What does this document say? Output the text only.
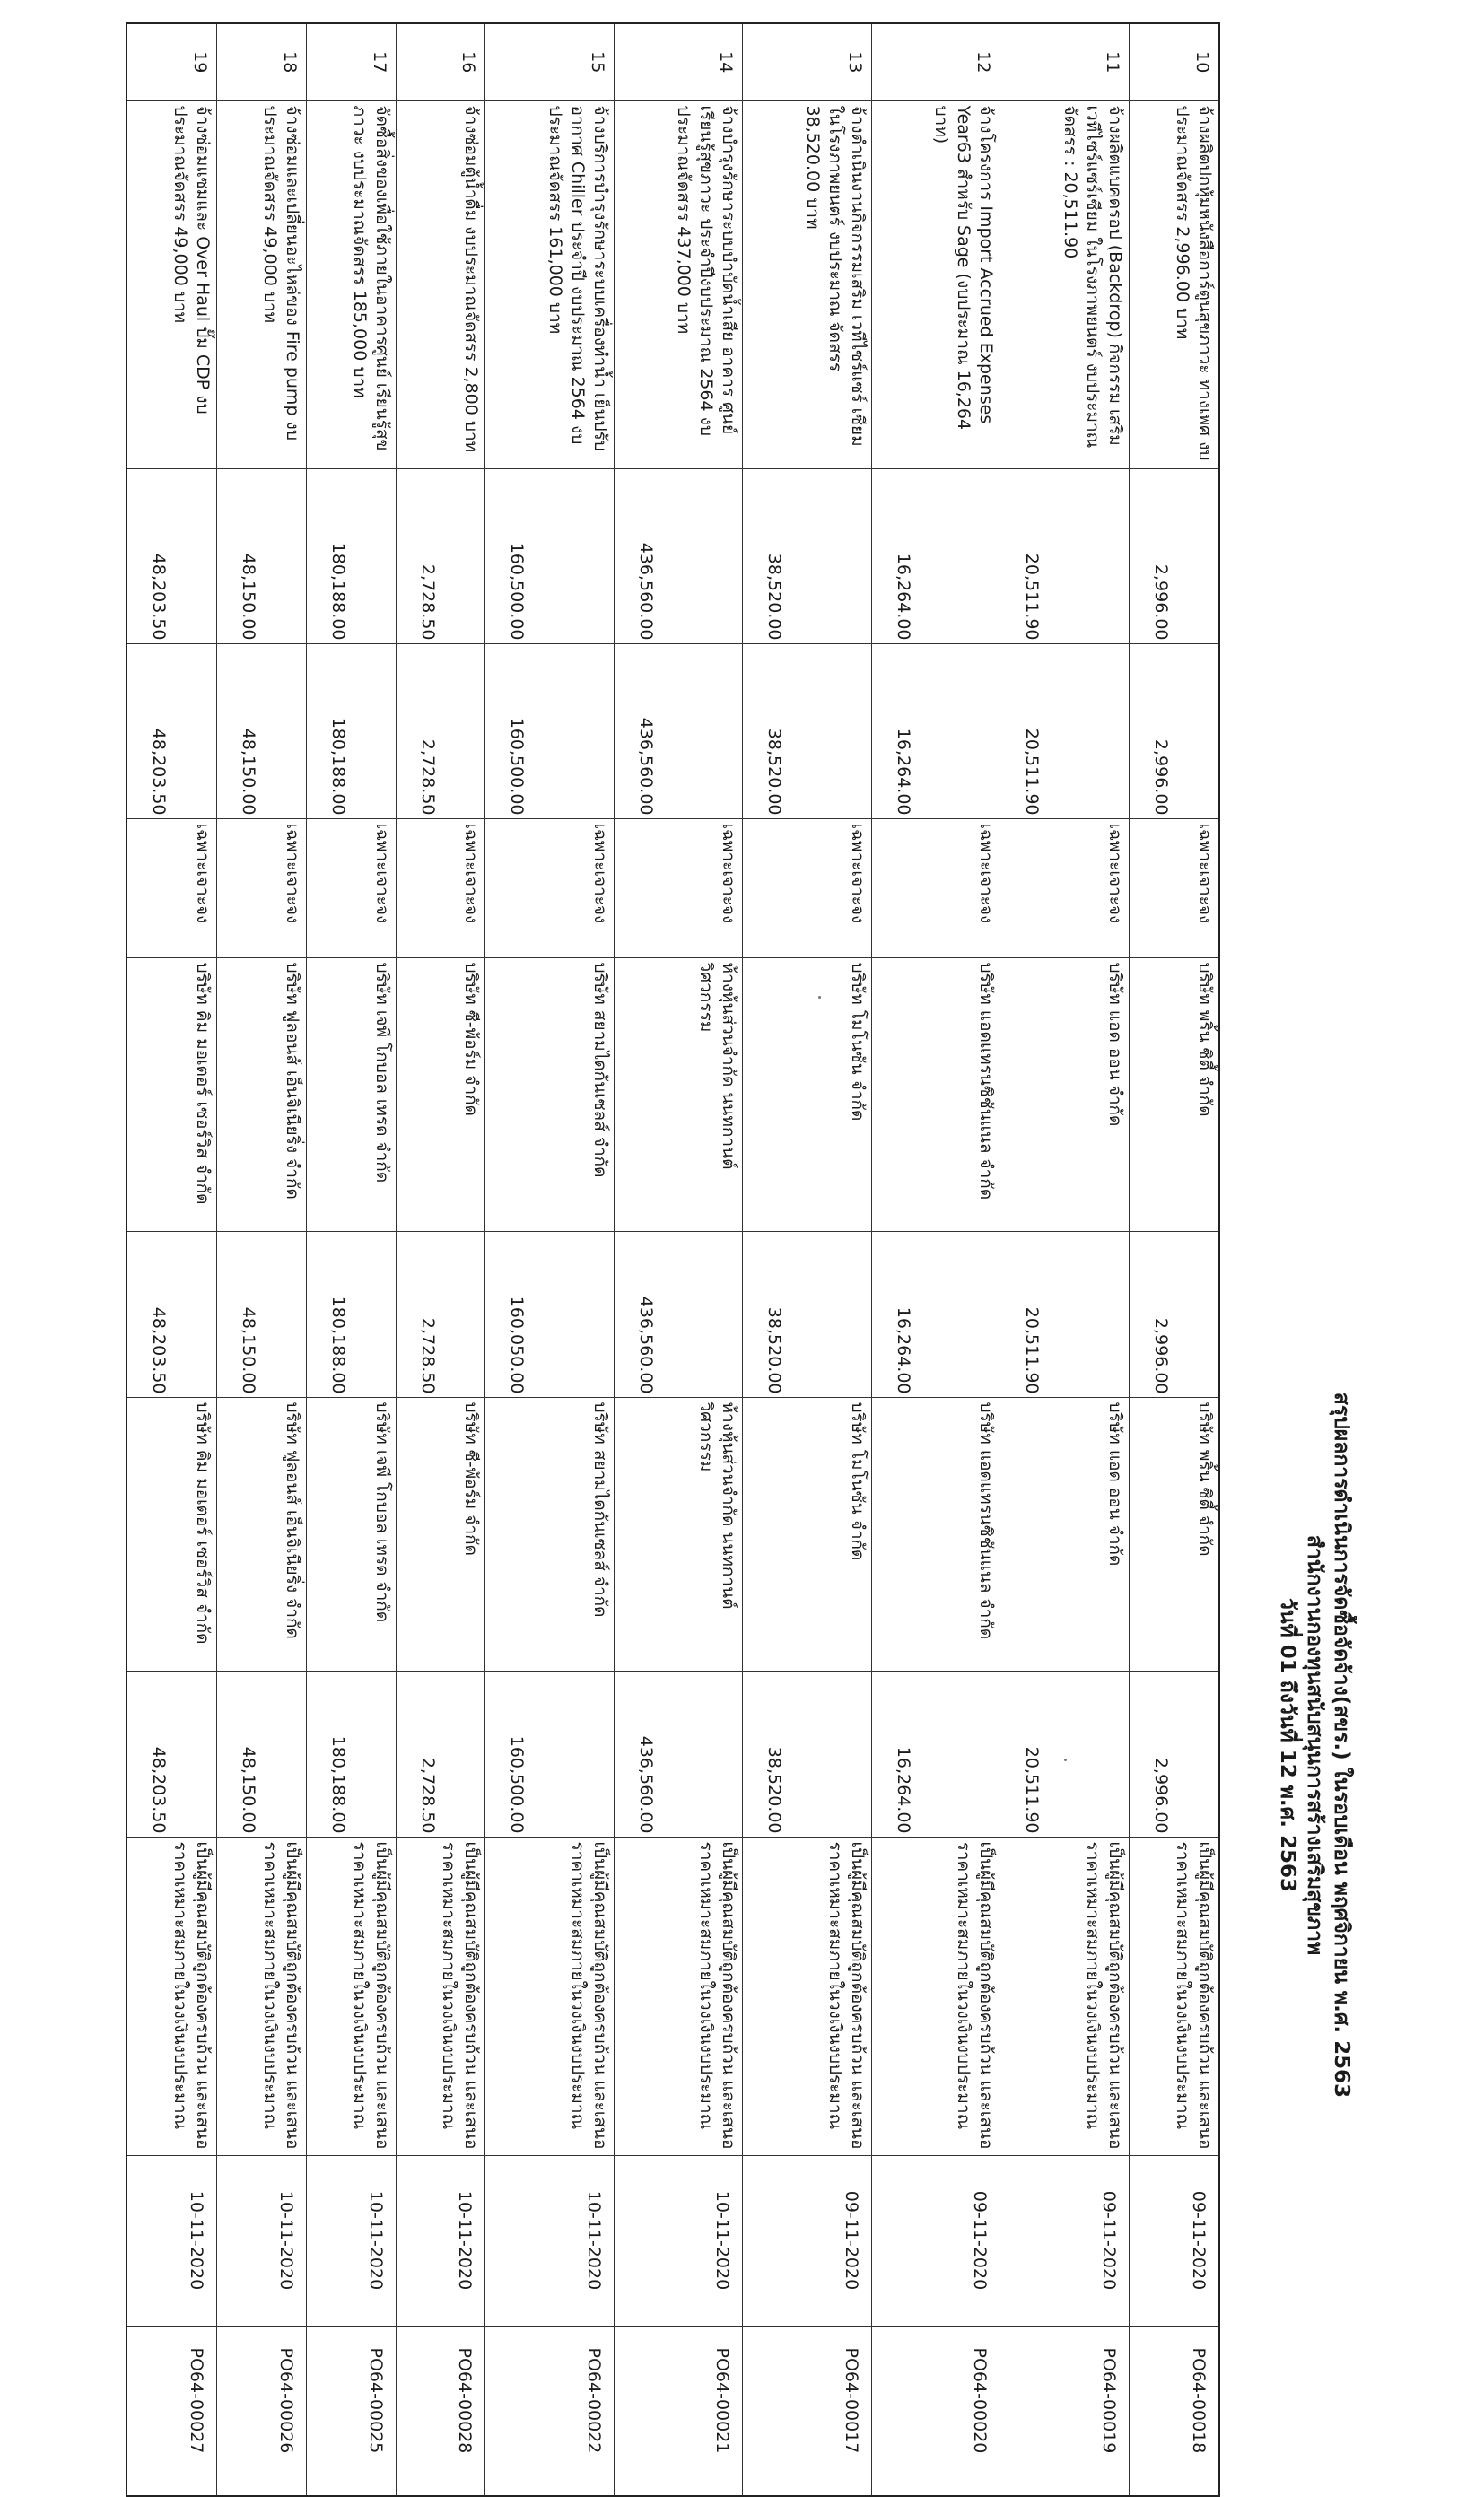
สรุปผลการดำเนินการจัดซื้อจัดจ้าง(สขร.) ในรอบเดือน พฤศจิกายน พ.ศ. 2563
สำนักงานกองทุนสนับสนุนการสร้างเสริมสุขภาพ
วันที่ 01 ถึงวันที่ 12 พ.ศ. 2563
10	จ้างผลิตปกหุ้มหนังสือการ์ตูนสุขภาวะ ทางเพศ งบประมาณจัดสรร 2,996.00 บาท	2,996.00	2,996.00	เฉพาะเจาะจง	บริษัท พริ้น ซิตี้ จำกัด	2,996.00	บริษัท พริ้น ซิตี้ จำกัด	2,996.00	เป็นผู้มีคุณสมบัติถูกต้องครบถ้วน และเสนอราคาเหมาะสมภายในวงเงินงบประมาณ	09-11-2020	PO64-00018
11	จ้างผลิตแบคดรอป (Backdrop) กิจกรรม เสริม เวทีไซร์แซร์เซียม ในโรงภาพยนตร์ งบประมาณจัดสรร : 20,511.90	20,511.90	20,511.90	เฉพาะเจาะจง	บริษัท แอด ออน จำกัด	20,511.90	บริษัท แอด ออน จำกัด	20,511.90	เป็นผู้มีคุณสมบัติถูกต้องครบถ้วน และเสนอราคาเหมาะสมภายในวงเงินงบประมาณ	09-11-2020	PO64-00019
12	จ้างโครงการ Import Accrued Expenses Year63 สำหรับ Sage (งบประมาณ 16,264 บาท)	16,264.00	16,264.00	เฉพาะเจาะจง	บริษัท แอดแทรนซิชันแนล จำกัด	16,264.00	บริษัท แอดแทรนซิชันแนล จำกัด	16,264.00	เป็นผู้มีคุณสมบัติถูกต้องครบถ้วน และเสนอราคาเหมาะสมภายในวงเงินงบประมาณ	09-11-2020	PO64-00020
13	จ้างดำเนินงานกิจกรรมเสริม เวทีไซร์แซร์ เซียม ในโรงภาพยนตร์ งบประมาณ จัดสรร 38,520.00 บาท	38,520.00	38,520.00	เฉพาะเจาะจง	บริษัท โมโนซัน จำกัด	38,520.00	บริษัท โมโนซัน จำกัด	38,520.00	เป็นผู้มีคุณสมบัติถูกต้องครบถ้วน และเสนอราคาเหมาะสมภายในวงเงินงบประมาณ	09-11-2020	PO64-00017
14	จ้างบำรุงรักษาระบบบำบัดน้ำเสีย อาคาร ศูนย์เรียนรู้สุขภาวะ ประจำปีงบประมาณ 2564 งบประมาณจัดสรร 437,000 บาท	436,560.00	436,560.00	เฉพาะเจาะจง	ห้างหุ้นส่วนจำกัด นนทกานต์ วิศวกรรม	436,560.00	ห้างหุ้นส่วนจำกัด นนทกานต์ วิศวกรรม	436,560.00	เป็นผู้มีคุณสมบัติถูกต้องครบถ้วน และเสนอราคาเหมาะสมภายในวงเงินงบประมาณ	10-11-2020	PO64-00021
15	จ้างบริการบำรุงรักษาระบบเครื่องทำน้ำ เย็นปรับอากาศ Chiller ประจำปี งบประมาณ 2564 งบประมาณจัดสรร 161,000 บาท	160,500.00	160,500.00	เฉพาะเจาะจง	บริษัท สยามไดกันเซลส์ จำกัด	160,050.00	บริษัท สยามไดกันเซลส์ จำกัด	160,500.00	เป็นผู้มีคุณสมบัติถูกต้องครบถ้วน และเสนอราคาเหมาะสมภายในวงเงินงบประมาณ	10-11-2020	PO64-00022
16	จ้างซ่อมตู้น้ำดื่ม งบประมาณจัดสรร 2,800 บาท	2,728.50	2,728.50	เฉพาะเจาะจง	บริษัท ซี-พ้อร์ม จำกัด	2,728.50	บริษัท ซี-พ้อร์ม จำกัด	2,728.50	เป็นผู้มีคุณสมบัติถูกต้องครบถ้วน และเสนอราคาเหมาะสมภายในวงเงินงบประมาณ	10-11-2020	PO64-00028
17	จัดซื้อสิ่งของเพื่อใช้ภายในอาคารศูนย์ เรียนรู้สุขภาวะ งบประมาณจัดสรร 185,000 บาท	180,188.00	180,188.00	เฉพาะเจาะจง	บริษัท เจพี โกบอล เทรด จำกัด	180,188.00	บริษัท เจพี โกบอล เทรด จำกัด	180,188.00	เป็นผู้มีคุณสมบัติถูกต้องครบถ้วน และเสนอราคาเหมาะสมภายในวงเงินงบประมาณ	10-11-2020	PO64-00025
18	จ้างซ่อมและเปลี่ยนอะไหล่ของ Fire pump งบประมาณจัดสรร 49,000 บาท	48,150.00	48,150.00	เฉพาะเจาะจง	บริษัท ฟูลอนส์ เอ็นจิเนียริ่ง จำกัด	48,150.00	บริษัท ฟูลอนส์ เอ็นจิเนียริ่ง จำกัด	48,150.00	เป็นผู้มีคุณสมบัติถูกต้องครบถ้วน และเสนอราคาเหมาะสมภายในวงเงินงบประมาณ	10-11-2020	PO64-00026
19	จ้างซ่อมแซมและ Over Haul ปั๊ม CDP งบประมาณจัดสรร 49,000 บาท	48,203.50	48,203.50	เฉพาะเจาะจง	บริษัท คิม มอเตอร์ เซอร์วิส จำกัด	48,203.50	บริษัท คิม มอเตอร์ เซอร์วิส จำกัด	48,203.50	เป็นผู้มีคุณสมบัติถูกต้องครบถ้วน และเสนอราคาเหมาะสมภายในวงเงินงบประมาณ	10-11-2020	PO64-00027
